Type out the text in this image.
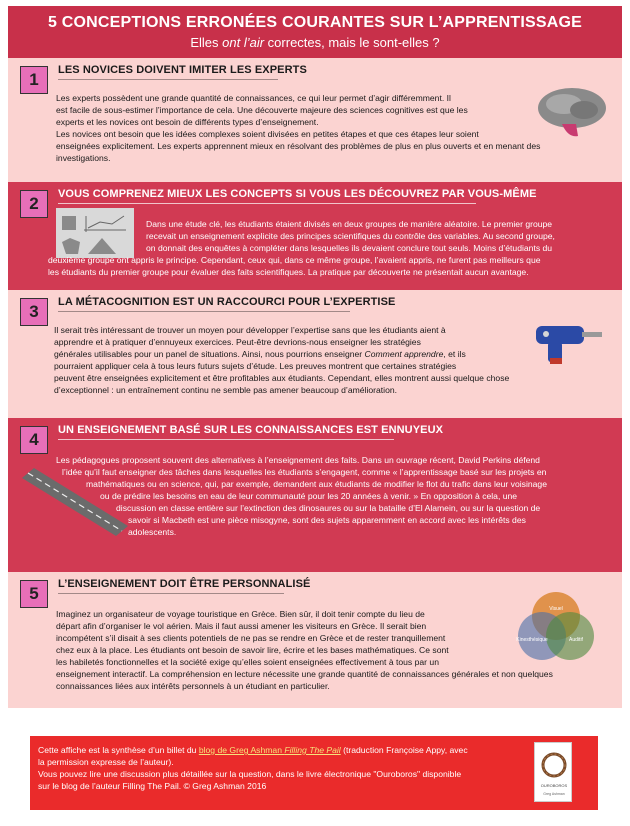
5 CONCEPTIONS ERRONÉES COURANTES SUR L’APPRENTISSAGE
Elles ont l’air correctes, mais le sont-elles ?
1	LES NOVICES DOIVENT IMITER LES EXPERTS

Les experts possèdent une grande quantité de connaissances, ce qui leur permet d’agir différemment. Il

est facile de sous-estimer l’importance de cela. Une découverte majeure des sciences cognitives est que les

experts et les novices ont besoin de différents types d’enseignement.

Les novices ont besoin que les idées complexes soient divisées en petites étapes et que ces étapes leur soient

enseignées explicitement. Les experts apprennent mieux en résolvant des problèmes de plus en plus ouverts et en menant des

investigations.

2	VOUS COMPRENEZ MIEUX LES CONCEPTS SI VOUS LES DÉCOUVREZ PAR VOUS-MÊME

Dans une étude clé, les étudiants étaient divisés en deux groupes de manière aléatoire. Le premier groupe

recevait un enseignement explicite des principes scientifiques du contrôle des variables. Au second groupe,

on donnait des enquêtes à compléter dans lesquelles ils devaient conclure tout seuls. Moins d’étudiants du

deuxième groupe ont appris le principe. Cependant, ceux qui, dans ce même groupe, l’avaient appris, ne furent pas meilleurs que

les étudiants du premier groupe pour évaluer des faits scientifiques. La pratique par découverte ne présentait aucun avantage.

3	LA MÉTACOGNITION EST UN RACCOURCI POUR L’EXPERTISE

Il serait très intéressant de trouver un moyen pour développer l’expertise sans que les étudiants aient à

apprendre et à pratiquer d’ennuyeux exercices. Peut-être devrions-nous enseigner les stratégies

générales utilisables pour un panel de situations. Ainsi, nous pourrions enseigner Comment apprendre, et ils

pourraient appliquer cela à tous leurs futurs sujets d’étude. Les preuves montrent que certaines stratégies

peuvent être enseignées explicitement et être profitables aux étudiants. Cependant, elles montrent aussi quelque chose

d’exceptionnel : un entraînement continu ne semble pas amener beaucoup d’amélioration.

4	UN ENSEIGNEMENT BASÉ SUR LES CONNAISSANCES EST ENNUYEUX

Les pédagogues proposent souvent des alternatives à l’enseignement des faits. Dans un ouvrage récent, David Perkins défend

l’idée qu’il faut enseigner des tâches dans lesquelles les étudiants s’engagent, comme « l’apprentissage basé sur les projets en

mathématiques ou en science, qui, par exemple, demandent aux étudiants de modifier le flot du trafic dans leur voisinage

ou de prédire les besoins en eau de leur communauté pour les 20 années à venir. » En opposition à cela, une

discussion en classe entière sur l’extinction des dinosaures ou sur la bataille d’El Alamein, ou sur la question de

savoir si Macbeth est une pièce misogyne, sont des sujets apparemment en accord avec les intérêts des

adolescents.

5	L’ENSEIGNEMENT DOIT ÊTRE PERSONNALISÉ

Imaginez un organisateur de voyage touristique en Grèce. Bien sûr, il doit tenir compte du lieu de

départ afin d’organiser le vol aérien. Mais il faut aussi amener les visiteurs en Grèce. Il serait bien

incompétent s’il disait à ses clients potentiels de ne pas se rendre en Grèce et de rester tranquillement

chez eux à la place. Les étudiants ont besoin de savoir lire, écrire et les bases mathématiques. Ce sont

les habiletés fonctionnelles et la société exige qu’elles soient enseignées effectivement à tous par un

enseignement interactif. La compréhension en lecture nécessite une grande quantité de connaissances générales et non quelques

connaissances liées aux intérêts personnels à un étudiant en particulier.

Visuel
Kinesthésique	Auditif

Cette affiche est la synthèse d’un billet du blog de Greg Ashman Filling The Pail (traduction Françoise Appy, avec

la permission expresse de l’auteur).

Vous pouvez lire une discussion plus détaillée sur la question, dans le livre électronique "Ouroboros" disponible

sur le blog de l’auteur Filling The Pail. © Greg Ashman 2016	OUROBOROS
Greg Ashman
